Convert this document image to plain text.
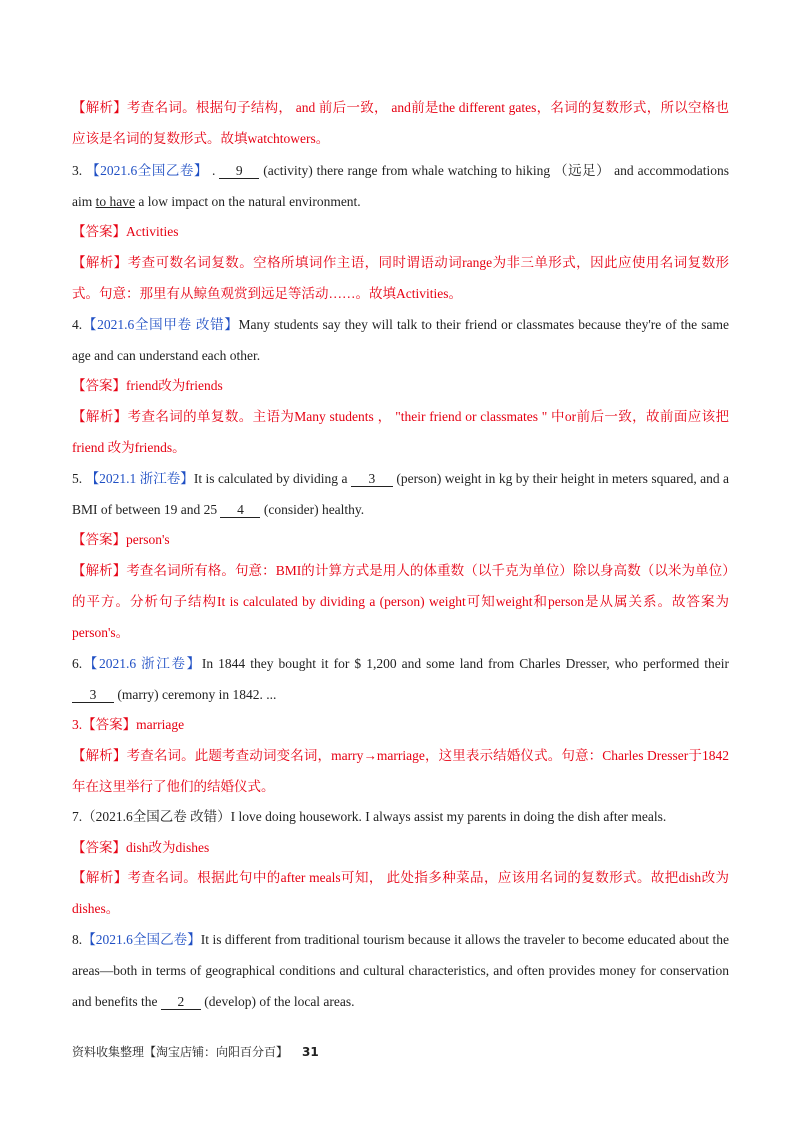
【解析】考查名词。根据句子结构， and 前后一致， and前是the different gates，名词的复数形式，所以空格也应该是名词的复数形式。故填watchtowers。
3. 【2021.6全国乙卷】 . 9 (activity) there range from whale watching to hiking （远足） and accommodations aim to have a low impact on the natural environment.
【答案】Activities
【解析】考查可数名词复数。空格所填词作主语，同时谓语动词range为非三单形式，因此应使用名词复数形式。句意：那里有从鲸鱼观赏到远足等活动……。故填Activities。
4.【2021.6全国甲卷 改错】Many students say they will talk to their friend or classmates because they're of the same age and can understand each other.
【答案】friend改为friends
【解析】考查名词的单复数。主语为Many students ， "their friend or classmates " 中or前后一致，故前面应该把friend 改为friends。
5. 【2021.1 浙江卷】It is calculated by dividing a 3 (person) weight in kg by their height in meters squared, and a BMI of between 19 and 25 4 (consider) healthy.
【答案】person's
【解析】考查名词所有格。句意：BMI的计算方式是用人的体重数（以千克为单位）除以身高数（以米为单位）的平方。分析句子结构It is calculated by dividing a (person) weight可知weight和person是从属关系。故答案为person's。
6.【2021.6 浙江卷】In 1844 they bought it for $ 1,200 and some land from Charles Dresser, who performed their 3 (marry) ceremony in 1842. ...
3.【答案】marriage
【解析】考查名词。此题考查动词变名词，marry→marriage，这里表示结婚仪式。句意：Charles Dresser于1842年在这里举行了他们的结婚仪式。
7.（2021.6全国乙卷 改错）I love doing housework. I always assist my parents in doing the dish after meals.
【答案】dish改为dishes
【解析】考查名词。根据此句中的after meals可知， 此处指多种菜品，应该用名词的复数形式。故把dish改为dishes。
8.【2021.6全国乙卷】It is different from traditional tourism because it allows the traveler to become educated about the areas—both in terms of geographical conditions and cultural characteristics, and often provides money for conservation and benefits the 2 (develop) of the local areas.
资料收集整理【淘宝店铺：向阳百分百】 31
